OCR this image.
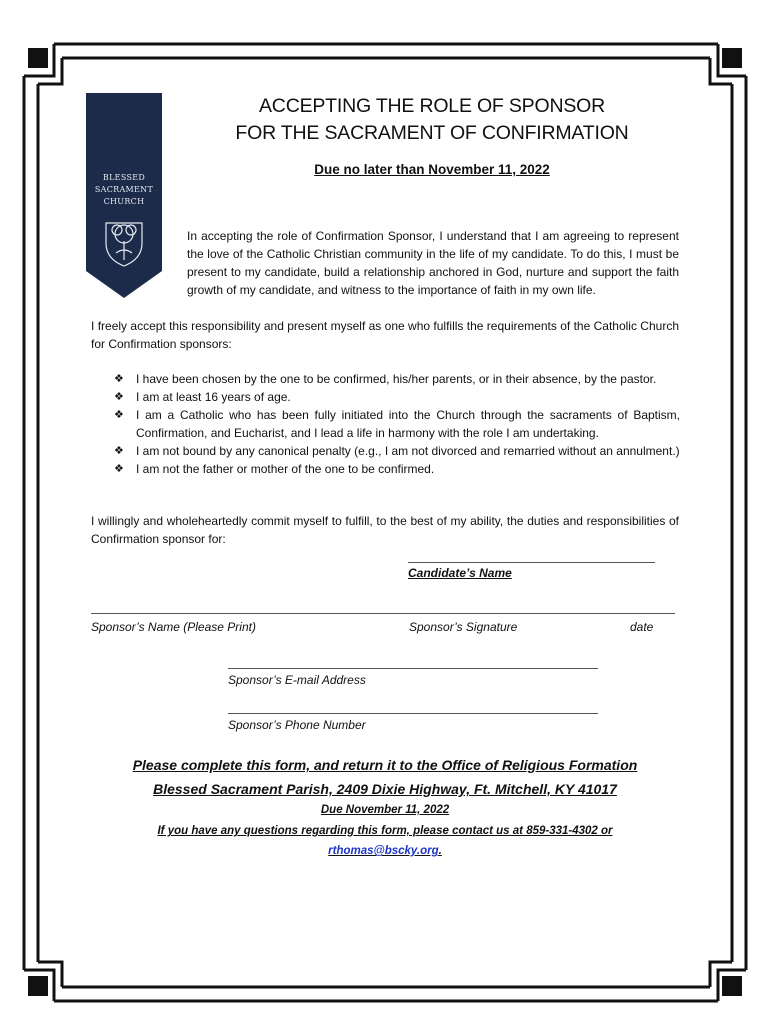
BLESSED
SACRAMENT
CHURCH
ACCEPTING THE ROLE OF SPONSOR
FOR THE SACRAMENT OF CONFIRMATION
Due no later than November 11, 2022
In accepting the role of Confirmation Sponsor, I understand that I am agreeing to represent the love of the Catholic Christian community in the life of my candidate. To do this, I must be present to my candidate, build a relationship anchored in God, nurture and support the faith growth of my candidate, and witness to the importance of faith in my own life.
I freely accept this responsibility and present myself as one who fulfills the requirements of the Catholic Church for Confirmation sponsors:
❖ I have been chosen by the one to be confirmed, his/her parents, or in their absence, by the pastor.
❖ I am at least 16 years of age.
❖ I am a Catholic who has been fully initiated into the Church through the sacraments of Baptism, Confirmation, and Eucharist, and I lead a life in harmony with the role I am undertaking.
❖ I am not bound by any canonical penalty (e.g., I am not divorced and remarried without an annulment.)
❖ I am not the father or mother of the one to be confirmed.
I willingly and wholeheartedly commit myself to fulfill, to the best of my ability, the duties and responsibilities of Confirmation sponsor for:
Candidate’s Name
Sponsor’s Name (Please Print)	Sponsor’s Signature	date
Sponsor’s E-mail Address
Sponsor’s Phone Number
Please complete this form, and return it to the Office of Religious Formation
Blessed Sacrament Parish, 2409 Dixie Highway, Ft. Mitchell, KY 41017
Due November 11, 2022
If you have any questions regarding this form, please contact us at 859-331-4302 or
rthomas@bscky.org.
